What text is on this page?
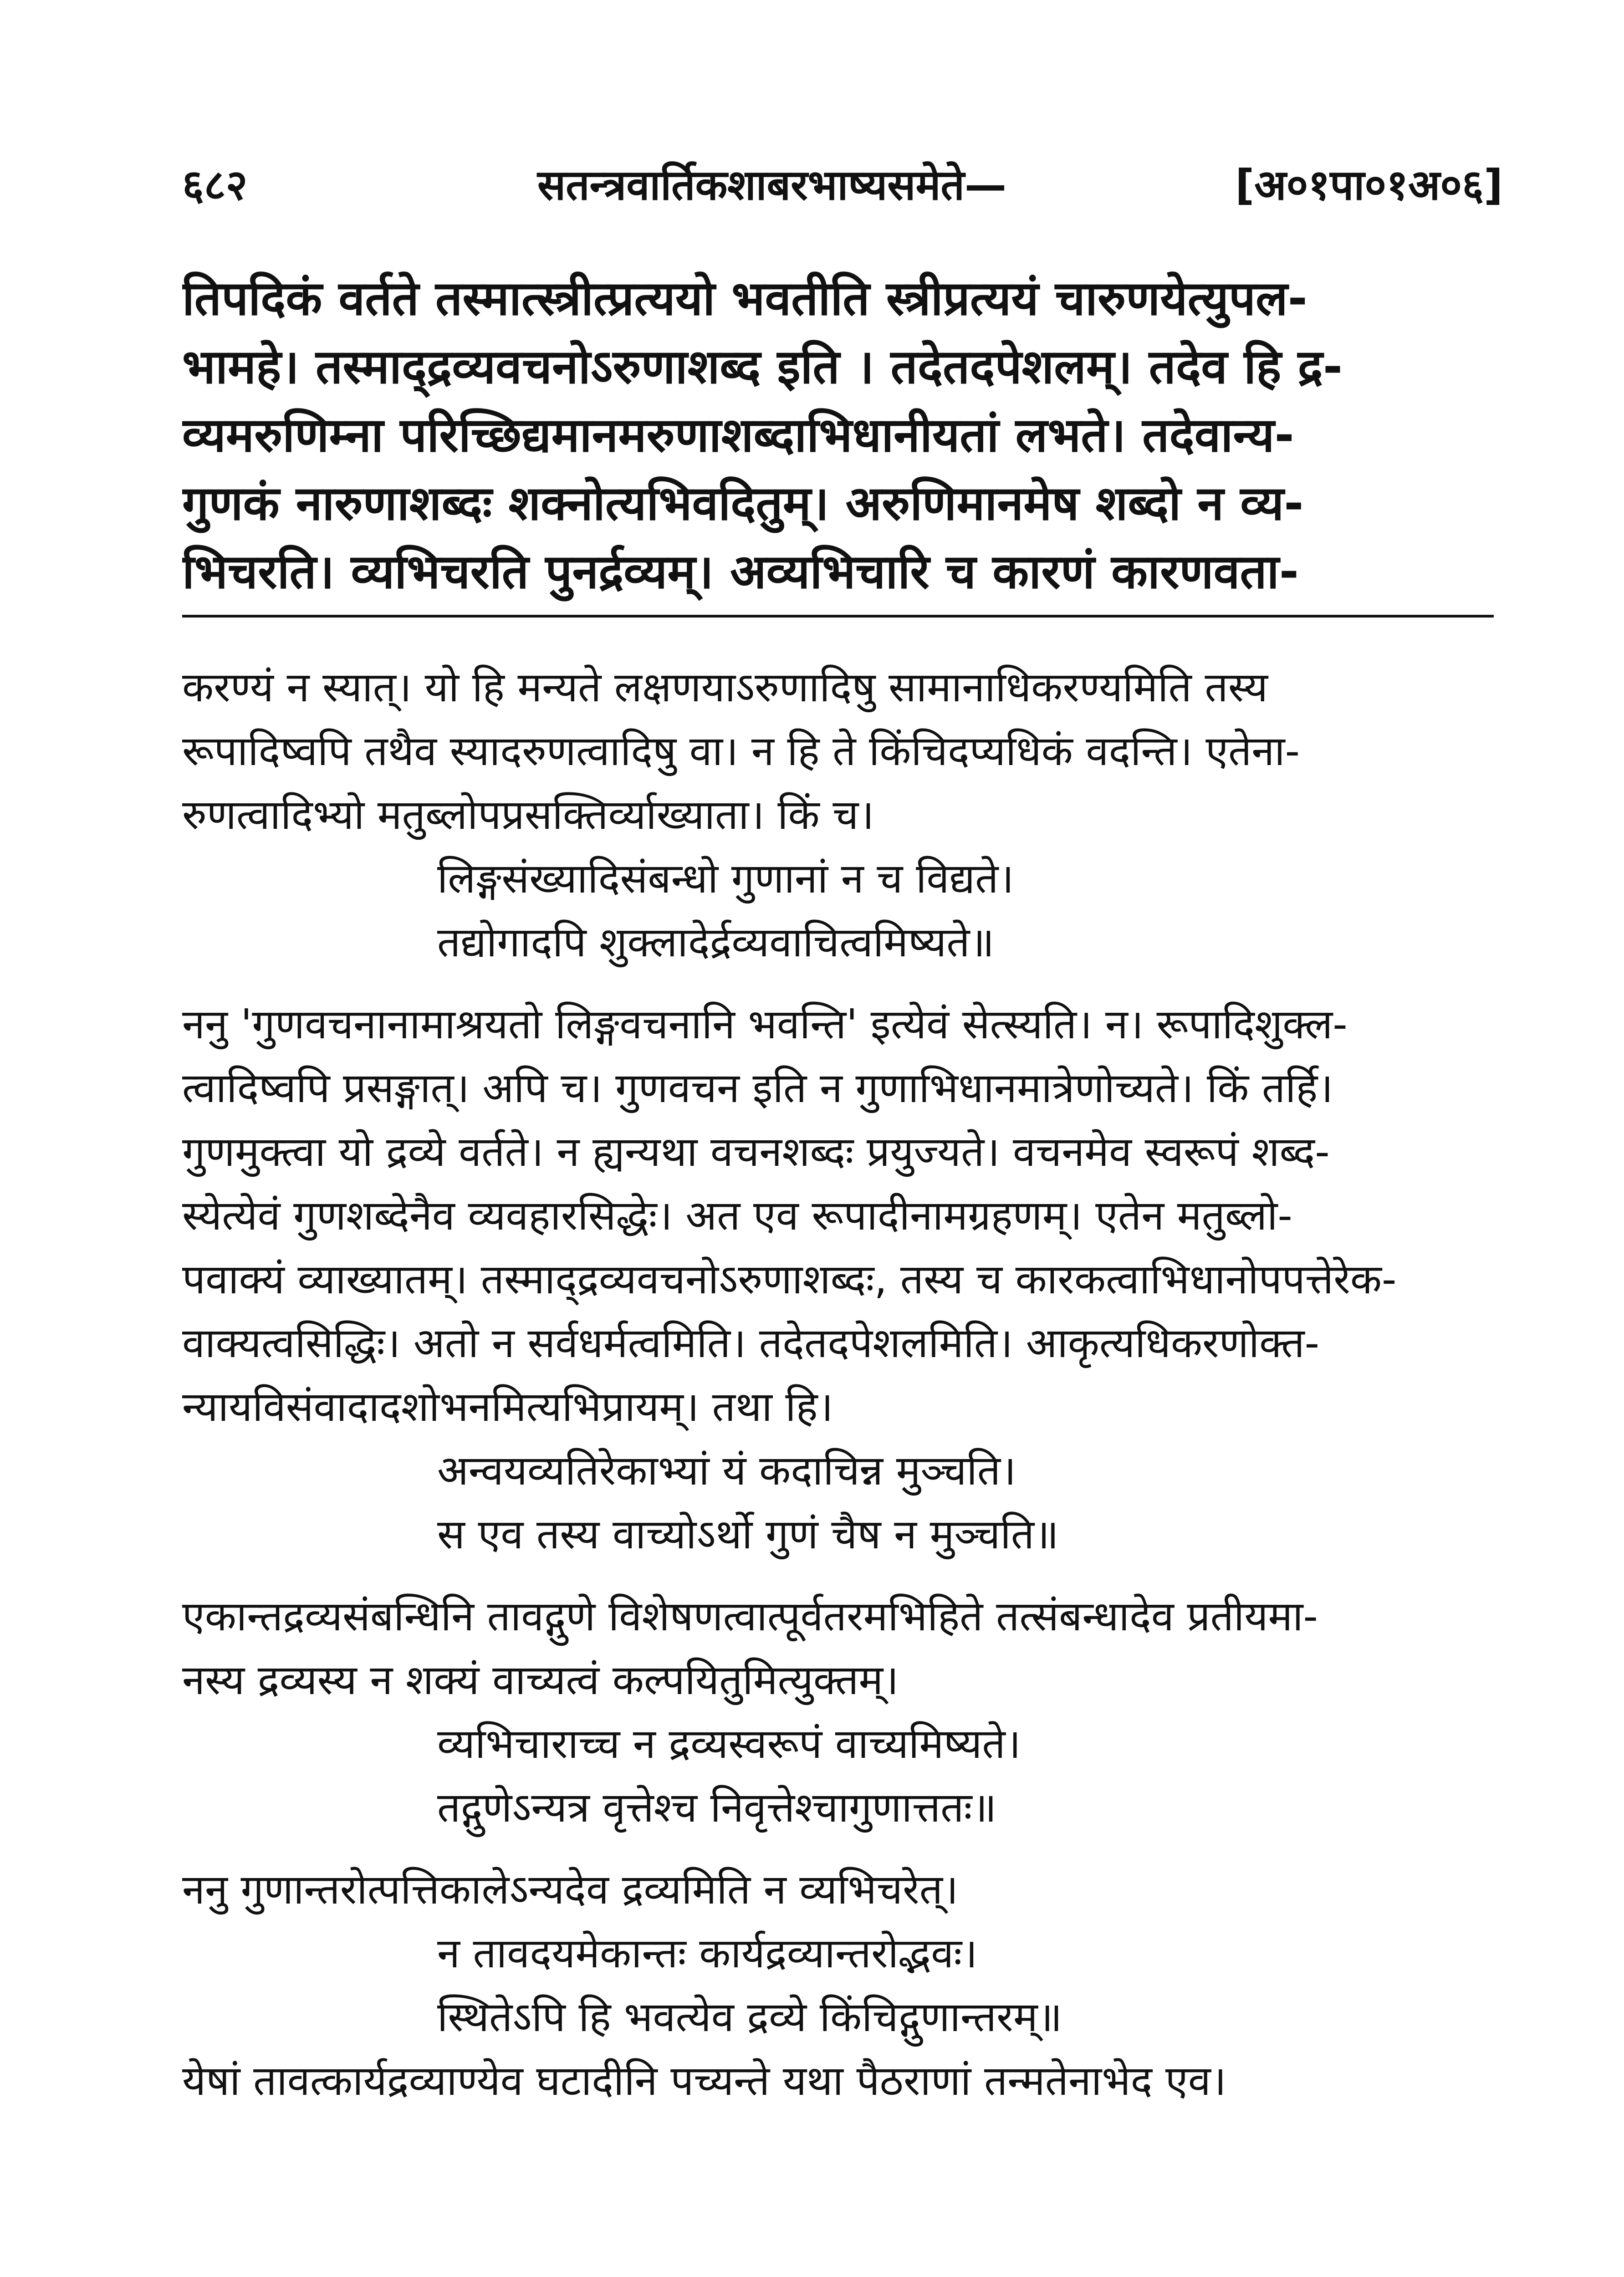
६८२	सतन्त्रवार्तिकशाबरभाष्यसमेते—	[अ०१पा०१अ०६]
तिपदिकं वर्तते तस्मात्स्त्रीत्प्रत्ययो भवतीति स्त्रीप्रत्ययं चारुणयेत्युपल-
भामहे। तस्माद्द्रव्यवचनोऽरुणाशब्द इति । तदेतदपेशलम्। तदेव हि द्र-
व्यमरुणिम्ना परिच्छिद्यमानमरुणाशब्दाभिधानीयतां लभते। तदेवान्य-
गुणकं नारुणाशब्दः शक्नोत्यभिवदितुम्। अरुणिमानमेष शब्दो न व्य-
भिचरति। व्यभिचरति पुनर्द्रव्यम्। अव्यभिचारि च कारणं कारणवता-
करण्यं न स्यात्। यो हि मन्यते लक्षणयाऽरुणादिषु सामानाधिकरण्यमिति तस्य
रूपादिष्वपि तथैव स्यादरुणत्वादिषु वा। न हि ते किंचिदप्यधिकं वदन्ति। एतेना-
रुणत्वादिभ्यो मतुब्लोपप्रसक्तिर्व्याख्याता। किं च।
लिङ्गसंख्यादिसंबन्धो गुणानां न च विद्यते।
तद्योगादपि शुक्लादेर्द्रव्यवाचित्वमिष्यते॥
ननु 'गुणवचनानामाश्रयतो लिङ्गवचनानि भवन्ति' इत्येवं सेत्स्यति। न। रूपादिशुक्ल-
त्वादिष्वपि प्रसङ्गात्। अपि च। गुणवचन इति न गुणाभिधानमात्रेणोच्यते। किं तर्हि।
गुणमुक्त्वा यो द्रव्ये वर्तते। न ह्यन्यथा वचनशब्दः प्रयुज्यते। वचनमेव स्वरूपं शब्द-
स्येत्येवं गुणशब्देनैव व्यवहारसिद्धेः। अत एव रूपादीनामग्रहणम्। एतेन मतुब्लो-
पवाक्यं व्याख्यातम्। तस्माद्द्रव्यवचनोऽरुणाशब्दः, तस्य च कारकत्वाभिधानोपपत्तेरेक-
वाक्यत्वसिद्धिः। अतो न सर्वधर्मत्वमिति। तदेतदपेशलमिति। आकृत्यधिकरणोक्त-
न्यायविसंवादादशोभनमित्यभिप्रायम्। तथा हि।
अन्वयव्यतिरेकाभ्यां यं कदाचिन्न मुञ्चति।
स एव तस्य वाच्योऽर्थो गुणं चैष न मुञ्चति॥
एकान्तद्रव्यसंबन्धिनि तावद्गुणे विशेषणत्वात्पूर्वतरमभिहिते तत्संबन्धादेव प्रतीयमा-
नस्य द्रव्यस्य न शक्यं वाच्यत्वं कल्पयितुमित्युक्तम्।
व्यभिचाराच्च न द्रव्यस्वरूपं वाच्यमिष्यते।
तद्गुणेऽन्यत्र वृत्तेश्च निवृत्तेश्चागुणात्ततः॥
ननु गुणान्तरोत्पत्तिकालेऽन्यदेव द्रव्यमिति न व्यभिचरेत्।
न तावदयमेकान्तः कार्यद्रव्यान्तरोद्भवः।
स्थितेऽपि हि भवत्येव द्रव्ये किंचिद्गुणान्तरम्॥
येषां तावत्कार्यद्रव्याण्येव घटादीनि पच्यन्ते यथा पैठराणां तन्मतेनाभेद एव।
